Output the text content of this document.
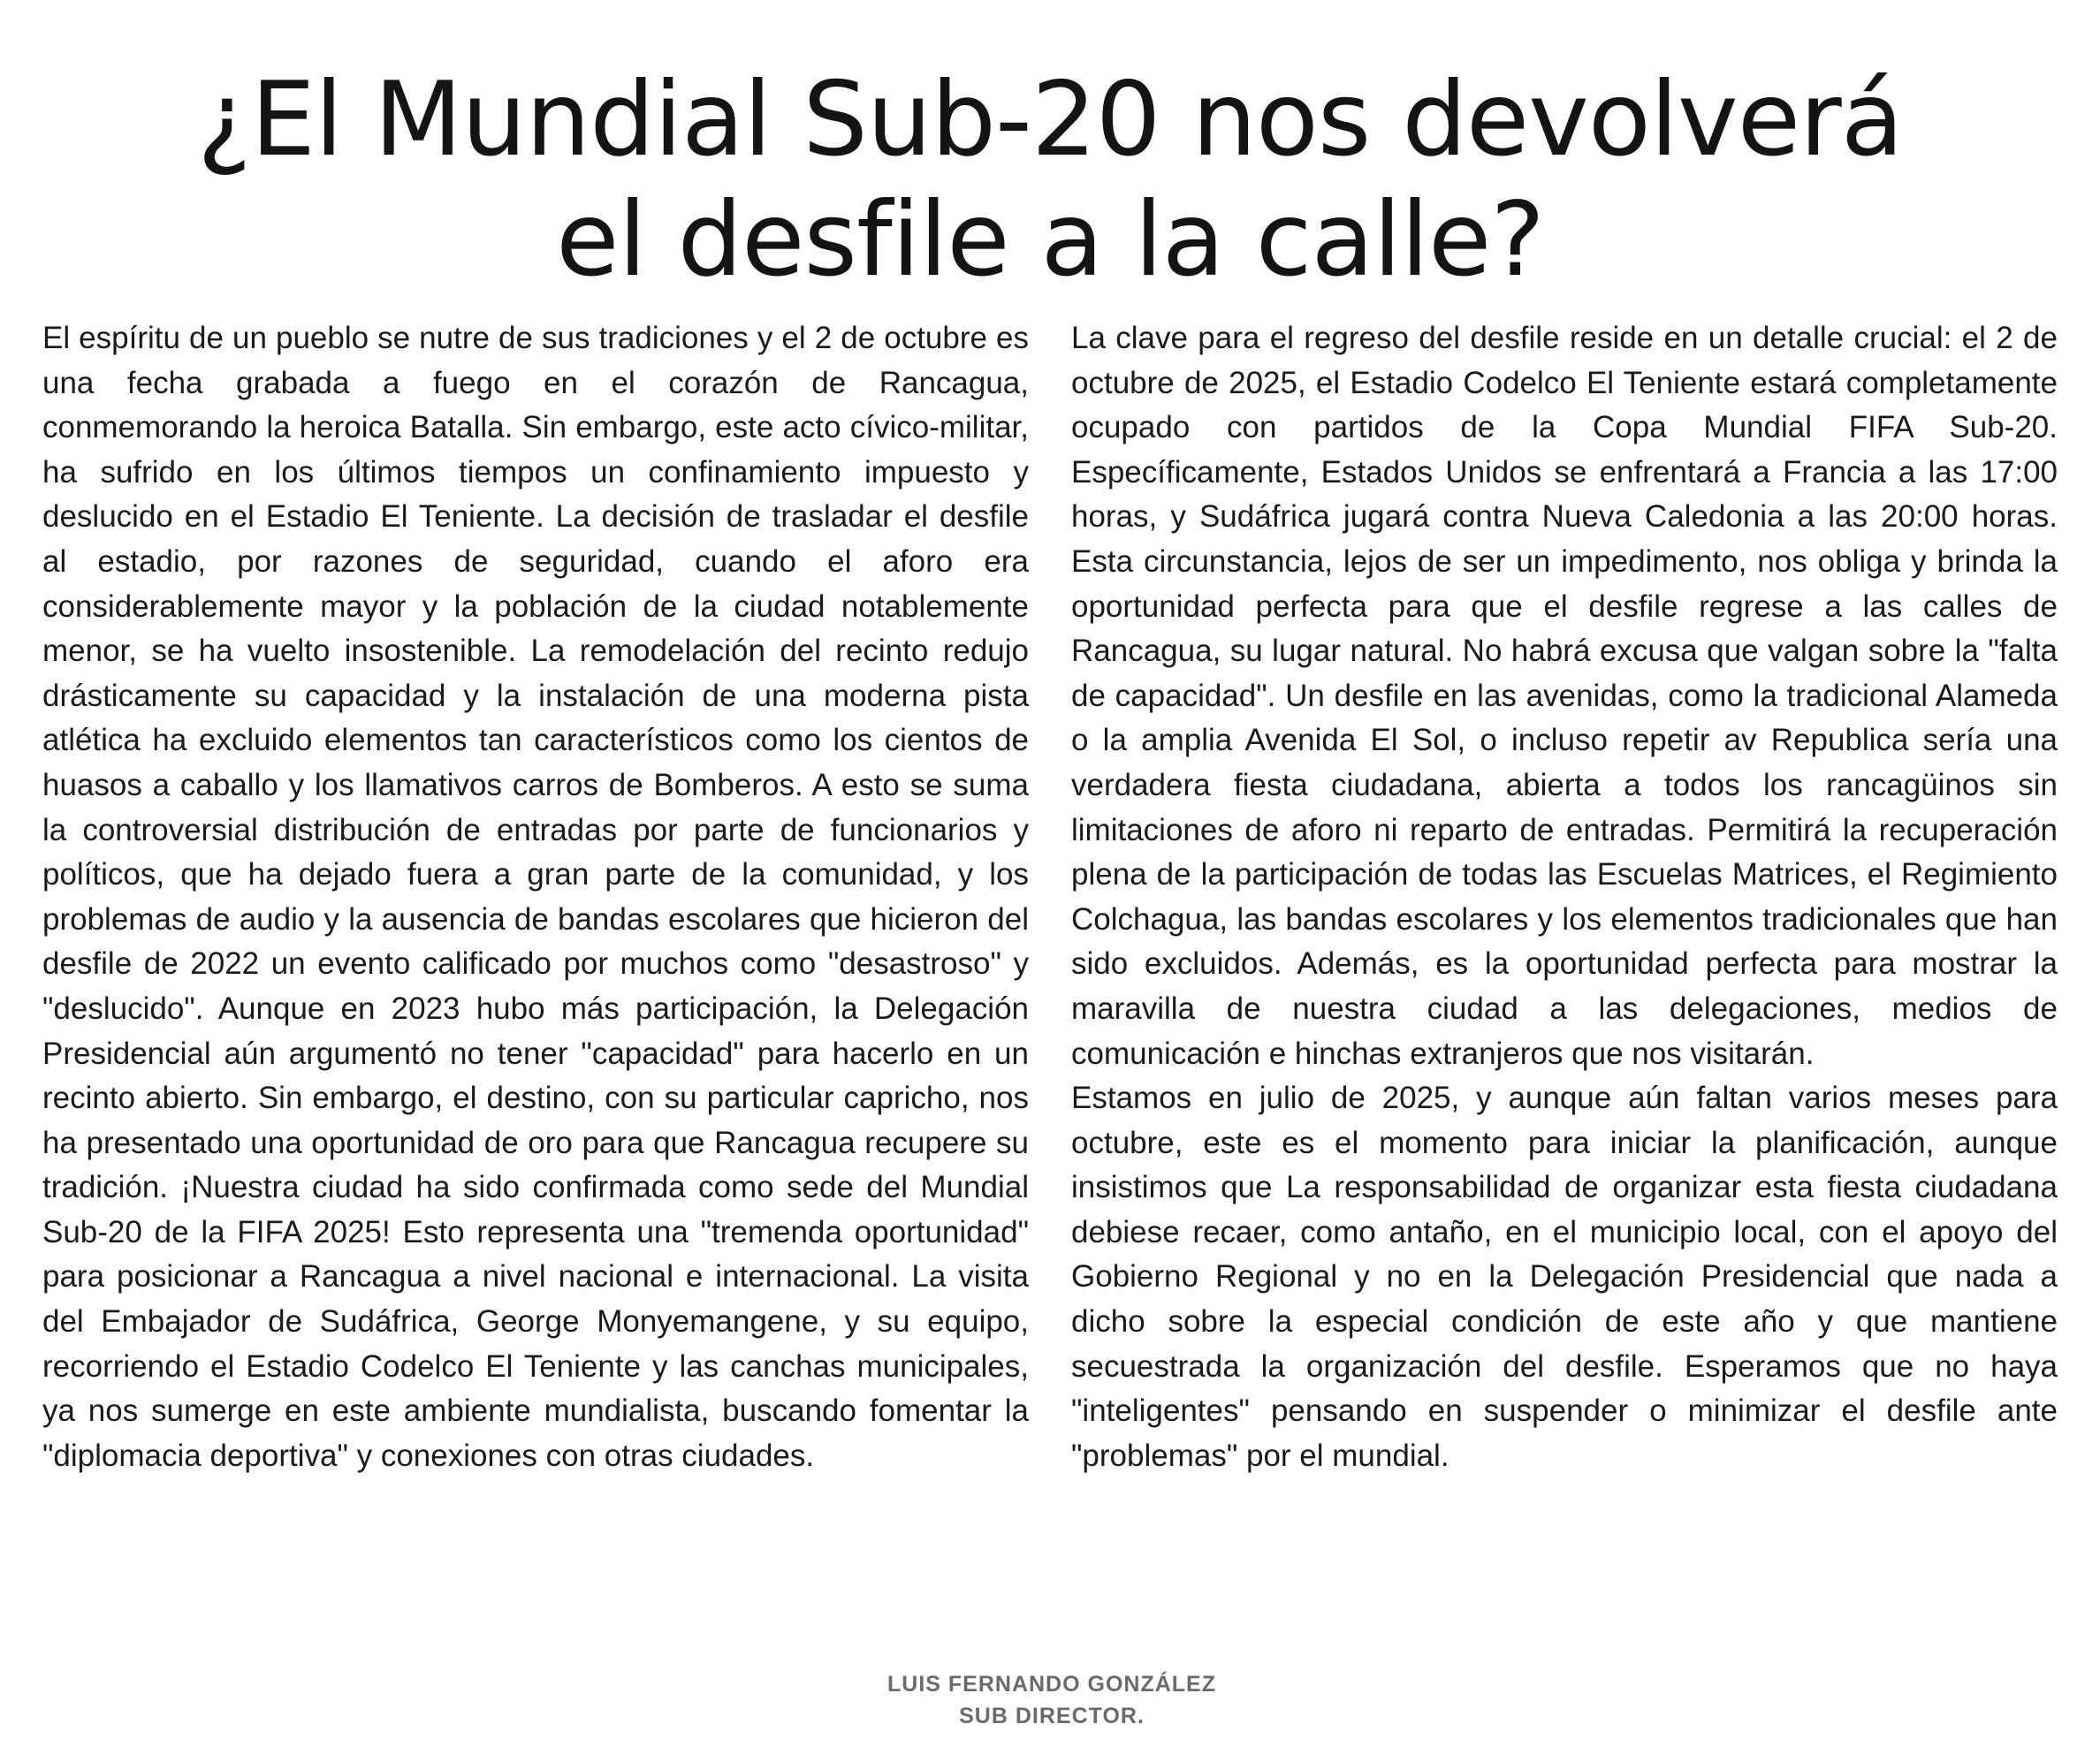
¿El Mundial Sub-20 nos devolverá
el desfile a la calle?

El espíritu de un pueblo se nutre de sus tradiciones y el 2 de octubre es una fecha grabada a fuego en el corazón de Rancagua, conmemorando la heroica Batalla. Sin embargo, este acto cívico-militar, ha sufrido en los últimos tiempos un confinamiento impuesto y deslucido en el Estadio El Teniente. La decisión de trasladar el desfile al estadio, por razones de seguridad, cuando el aforo era considerablemente mayor y la población de la ciudad notablemente menor, se ha vuelto insostenible. La remodelación del recinto redujo drásticamente su capacidad y la instalación de una moderna pista atlética ha excluido elementos tan característicos como los cientos de huasos a caballo y los llamativos carros de Bomberos. A esto se suma la controversial distribución de entradas por parte de funcionarios y políticos, que ha dejado fuera a gran parte de la comunidad, y los problemas de audio y la ausencia de bandas escolares que hicieron del desfile de 2022 un evento calificado por muchos como "desastroso" y "deslucido". Aunque en 2023 hubo más participación, la Delegación Presidencial aún argumentó no tener "capacidad" para hacerlo en un recinto abierto. Sin embargo, el destino, con su particular capricho, nos ha presentado una oportunidad de oro para que Rancagua recupere su tradición. ¡Nuestra ciudad ha sido confirmada como sede del Mundial Sub-20 de la FIFA 2025! Esto representa una "tremenda oportunidad" para posicionar a Rancagua a nivel nacional e internacional. La visita del Embajador de Sudáfrica, George Monyemangene, y su equipo, recorriendo el Estadio Codelco El Teniente y las canchas municipales, ya nos sumerge en este ambiente mundialista, buscando fomentar la "diplomacia deportiva" y conexiones con otras ciudades.

La clave para el regreso del desfile reside en un detalle crucial: el 2 de octubre de 2025, el Estadio Codelco El Teniente estará completamente ocupado con partidos de la Copa Mundial FIFA Sub-20. Específicamente, Estados Unidos se enfrentará a Francia a las 17:00 horas, y Sudáfrica jugará contra Nueva Caledonia a las 20:00 horas. Esta circunstancia, lejos de ser un impedimento, nos obliga y brinda la oportunidad perfecta para que el desfile regrese a las calles de Rancagua, su lugar natural. No habrá excusa que valgan sobre la "falta de capacidad". Un desfile en las avenidas, como la tradicional Alameda o la amplia Avenida El Sol, o incluso repetir av Republica sería una verdadera fiesta ciudadana, abierta a todos los rancagüinos sin limitaciones de aforo ni reparto de entradas. Permitirá la recuperación plena de la participación de todas las Escuelas Matrices, el Regimiento Colchagua, las bandas escolares y los elementos tradicionales que han sido excluidos. Además, es la oportunidad perfecta para mostrar la maravilla de nuestra ciudad a las delegaciones, medios de comunicación e hinchas extranjeros que nos visitarán.

Estamos en julio de 2025, y aunque aún faltan varios meses para octubre, este es el momento para iniciar la planificación, aunque insistimos que La responsabilidad de organizar esta fiesta ciudadana debiese recaer, como antaño, en el municipio local, con el apoyo del Gobierno Regional y no en la Delegación Presidencial que nada a dicho sobre la especial condición de este año y que mantiene secuestrada la organización del desfile. Esperamos que no haya "inteligentes" pensando en suspender o minimizar el desfile ante "problemas" por el mundial.

LUIS FERNANDO GONZÁLEZ
SUB DIRECTOR.
